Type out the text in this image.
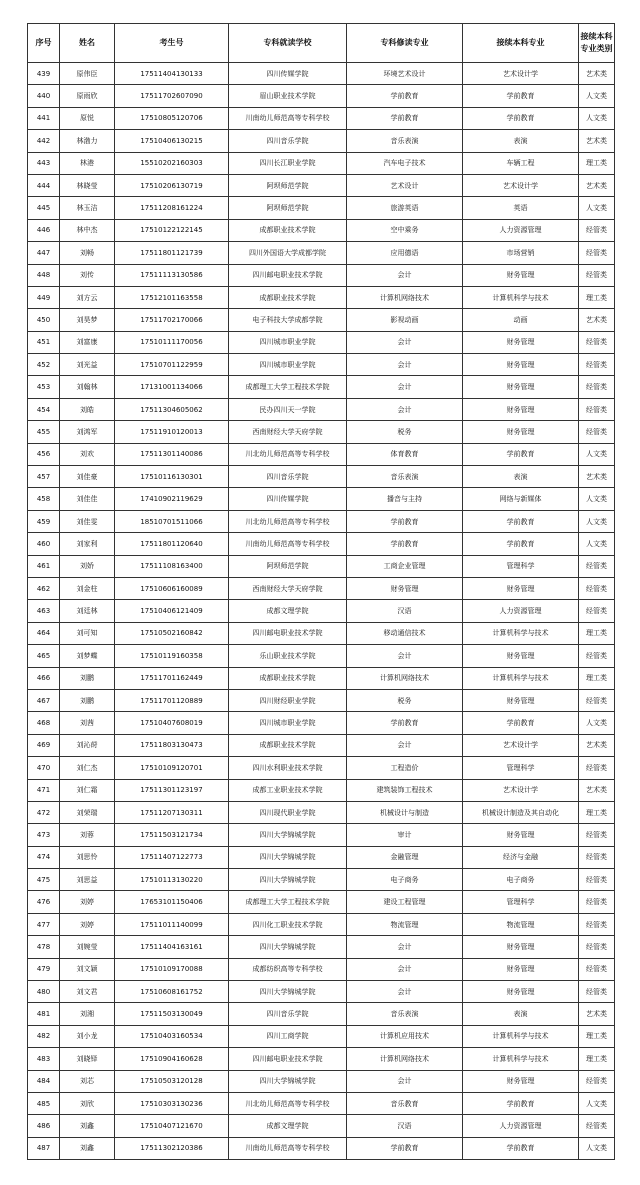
序号	姓名	考生号	专科就读学校	专科修读专业	接续本科专业	接续本科专业类别
439	原伟臣	17511404130133	四川传媒学院	环境艺术设计	艺术设计学	艺术类
440	原雨欣	17511702607090	眉山职业技术学院	学前教育	学前教育	人文类
441	原悦	17510805120706	川南幼儿师范高等专科学校	学前教育	学前教育	人文类
442	林渤力	17510406130215	四川音乐学院	音乐表演	表演	艺术类
443	林港	15510202160303	四川长江职业学院	汽车电子技术	车辆工程	理工类
444	林晓莹	17510206130719	阿坝师范学院	艺术设计	艺术设计学	艺术类
445	林玉洁	17511208161224	阿坝师范学院	旅游英语	英语	人文类
446	林中杰	17510122122145	成都职业技术学院	空中乘务	人力资源管理	经管类
447	刘畅	17511801121739	四川外国语大学成都学院	应用德语	市场营销	经管类
448	刘传	17511113130586	四川邮电职业技术学院	会计	财务管理	经管类
449	刘方云	17512101163558	成都职业技术学院	计算机网络技术	计算机科学与技术	理工类
450	刘昊梦	17511702170066	电子科技大学成都学院	影视动画	动画	艺术类
451	刘富康	17510111170056	四川城市职业学院	会计	财务管理	经管类
452	刘光益	17510701122959	四川城市职业学院	会计	财务管理	经管类
453	刘翰林	17131001134066	成都理工大学工程技术学院	会计	财务管理	经管类
454	刘皓	17511304605062	民办四川天一学院	会计	财务管理	经管类
455	刘鸿军	17511910120013	西南财经大学天府学院	税务	财务管理	经管类
456	刘欢	17511301140086	川北幼儿师范高等专科学校	体育教育	学前教育	人文类
457	刘佳豪	17510116130301	四川音乐学院	音乐表演	表演	艺术类
458	刘佳佳	17410902119629	四川传媒学院	播音与主持	网络与新媒体	人文类
459	刘佳雯	18510701511066	川北幼儿师范高等专科学校	学前教育	学前教育	人文类
460	刘家利	17511801120640	川南幼儿师范高等专科学校	学前教育	学前教育	人文类
461	刘娇	17511108163400	阿坝师范学院	工商企业管理	管理科学	经管类
462	刘金柱	17510606160089	西南财经大学天府学院	财务管理	财务管理	经管类
463	刘廷林	17510406121409	成都文理学院	汉语	人力资源管理	经管类
464	刘可知	17510502160842	四川邮电职业技术学院	移动通信技术	计算机科学与技术	理工类
465	刘梦蝶	17510119160358	乐山职业技术学院	会计	财务管理	经管类
466	刘鹏	17511701162449	成都职业技术学院	计算机网络技术	计算机科学与技术	理工类
467	刘鹏	17511701120889	四川财经职业学院	税务	财务管理	经管类
468	刘茜	17510407608019	四川城市职业学院	学前教育	学前教育	人文类
469	刘沁莳	17511803130473	成都职业技术学院	会计	艺术设计学	艺术类
470	刘仁杰	17510109120701	四川水利职业技术学院	工程造价	管理科学	经管类
471	刘仁霜	17511301123197	成都工业职业技术学院	建筑装饰工程技术	艺术设计学	艺术类
472	刘荣瑞	17511207130311	四川现代职业学院	机械设计与制造	机械设计制造及其自动化	理工类
473	刘蓉	17511503121734	四川大学锦城学院	审计	财务管理	经管类
474	刘思怜	17511407122773	四川大学锦城学院	金融管理	经济与金融	经管类
475	刘思益	17510113130220	四川大学锦城学院	电子商务	电子商务	经管类
476	刘婷	17653101150406	成都理工大学工程技术学院	建设工程管理	管理科学	经管类
477	刘婷	17511011140099	四川化工职业技术学院	物流管理	物流管理	经管类
478	刘婉莹	17511404163161	四川大学锦城学院	会计	财务管理	经管类
479	刘文颖	17510109170088	成都纺织高等专科学校	会计	财务管理	经管类
480	刘文君	17510608161752	四川大学锦城学院	会计	财务管理	经管类
481	刘湘	17511503130049	四川音乐学院	音乐表演	表演	艺术类
482	刘小龙	17510403160534	四川工商学院	计算机应用技术	计算机科学与技术	理工类
483	刘晓铎	17510904160628	四川邮电职业技术学院	计算机网络技术	计算机科学与技术	理工类
484	刘芯	17510503120128	四川大学锦城学院	会计	财务管理	经管类
485	刘欣	17510303130236	川北幼儿师范高等专科学校	音乐教育	学前教育	人文类
486	刘鑫	17510407121670	成都文理学院	汉语	人力资源管理	经管类
487	刘鑫	17511302120386	川南幼儿师范高等专科学校	学前教育	学前教育	人文类
